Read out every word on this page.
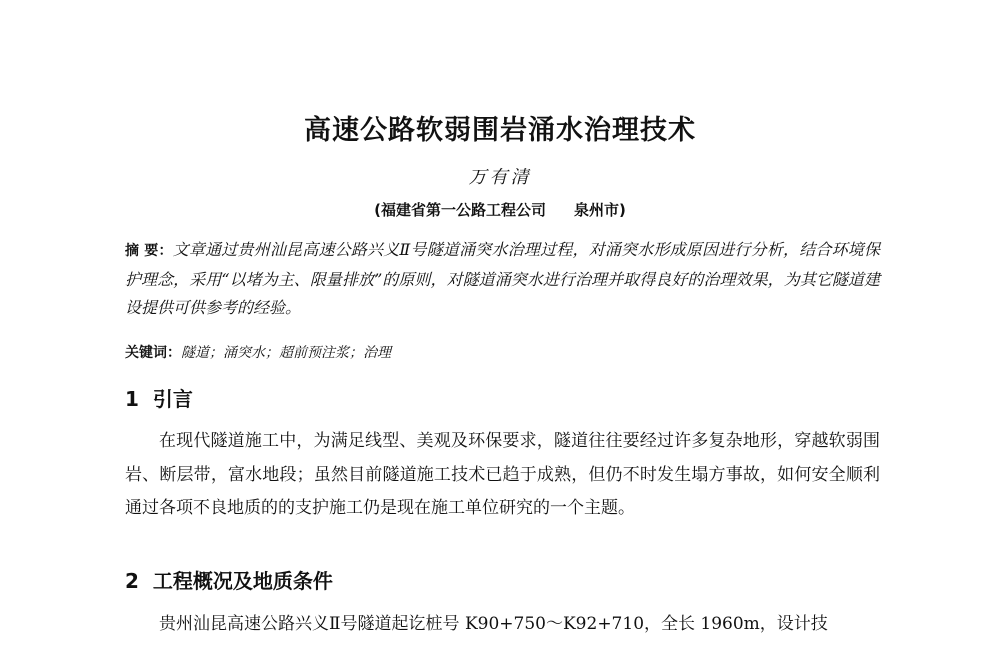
高速公路软弱围岩涌水治理技术
万有清
(福建省第一公路工程公司 泉州市)
摘 要：文章通过贵州汕昆高速公路兴义Ⅱ号隧道涌突水治理过程，对涌突水形成原因进行分析，结合环境保护理念，采用“以堵为主、限量排放”的原则，对隧道涌突水进行治理并取得良好的治理效果，为其它隧道建设提供可供参考的经验。
关键词：隧道；涌突水；超前预注浆；治理
1 引言
在现代隧道施工中，为满足线型、美观及环保要求，隧道往往要经过许多复杂地形，穿越软弱围岩、断层带，富水地段；虽然目前隧道施工技术已趋于成熟，但仍不时发生塌方事故，如何安全顺利通过各项不良地质的的支护施工仍是现在施工单位研究的一个主题。
2 工程概况及地质条件
贵州汕昆高速公路兴义Ⅱ号隧道起讫桩号 K90+750～K92+710，全长 1960m，设计技
